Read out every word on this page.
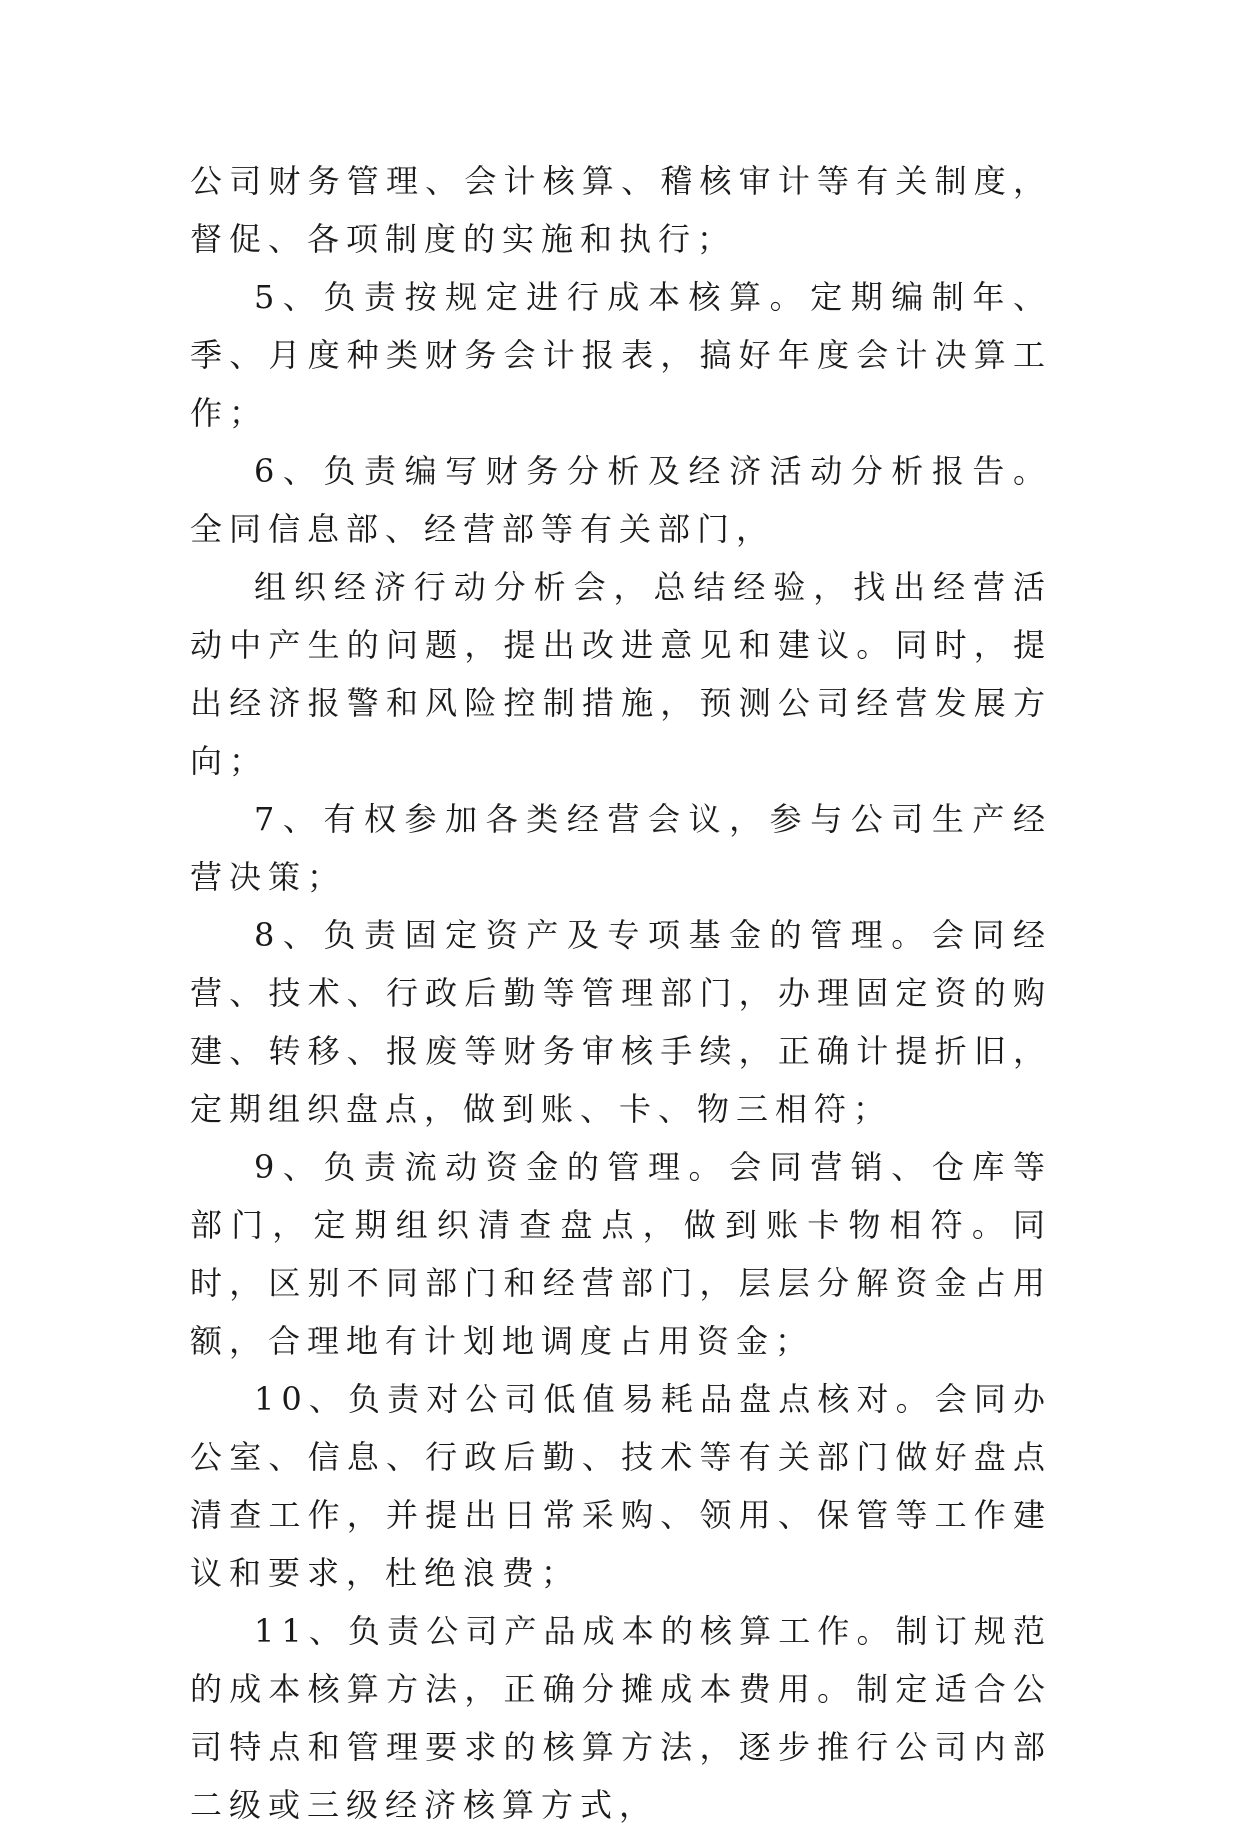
公司财务管理、会计核算、稽核审计等有关制度，督促、各项制度的实施和执行；

5、负责按规定进行成本核算。定期编制年、季、月度种类财务会计报表，搞好年度会计决算工作；

6、负责编写财务分析及经济活动分析报告。全同信息部、经营部等有关部门，

组织经济行动分析会，总结经验，找出经营活动中产生的问题，提出改进意见和建议。同时，提出经济报警和风险控制措施，预测公司经营发展方向；

7、有权参加各类经营会议，参与公司生产经营决策；

8、负责固定资产及专项基金的管理。会同经营、技术、行政后勤等管理部门，办理固定资的购建、转移、报废等财务审核手续，正确计提折旧，定期组织盘点，做到账、卡、物三相符；

9、负责流动资金的管理。会同营销、仓库等部门，定期组织清查盘点，做到账卡物相符。同时，区别不同部门和经营部门，层层分解资金占用额，合理地有计划地调度占用资金；

10、负责对公司低值易耗品盘点核对。会同办公室、信息、行政后勤、技术等有关部门做好盘点清查工作，并提出日常采购、领用、保管等工作建议和要求，杜绝浪费；

11、负责公司产品成本的核算工作。制订规范的成本核算方法，正确分摊成本费用。制定适合公司特点和管理要求的核算方法，逐步推行公司内部二级或三级经济核算方式，
